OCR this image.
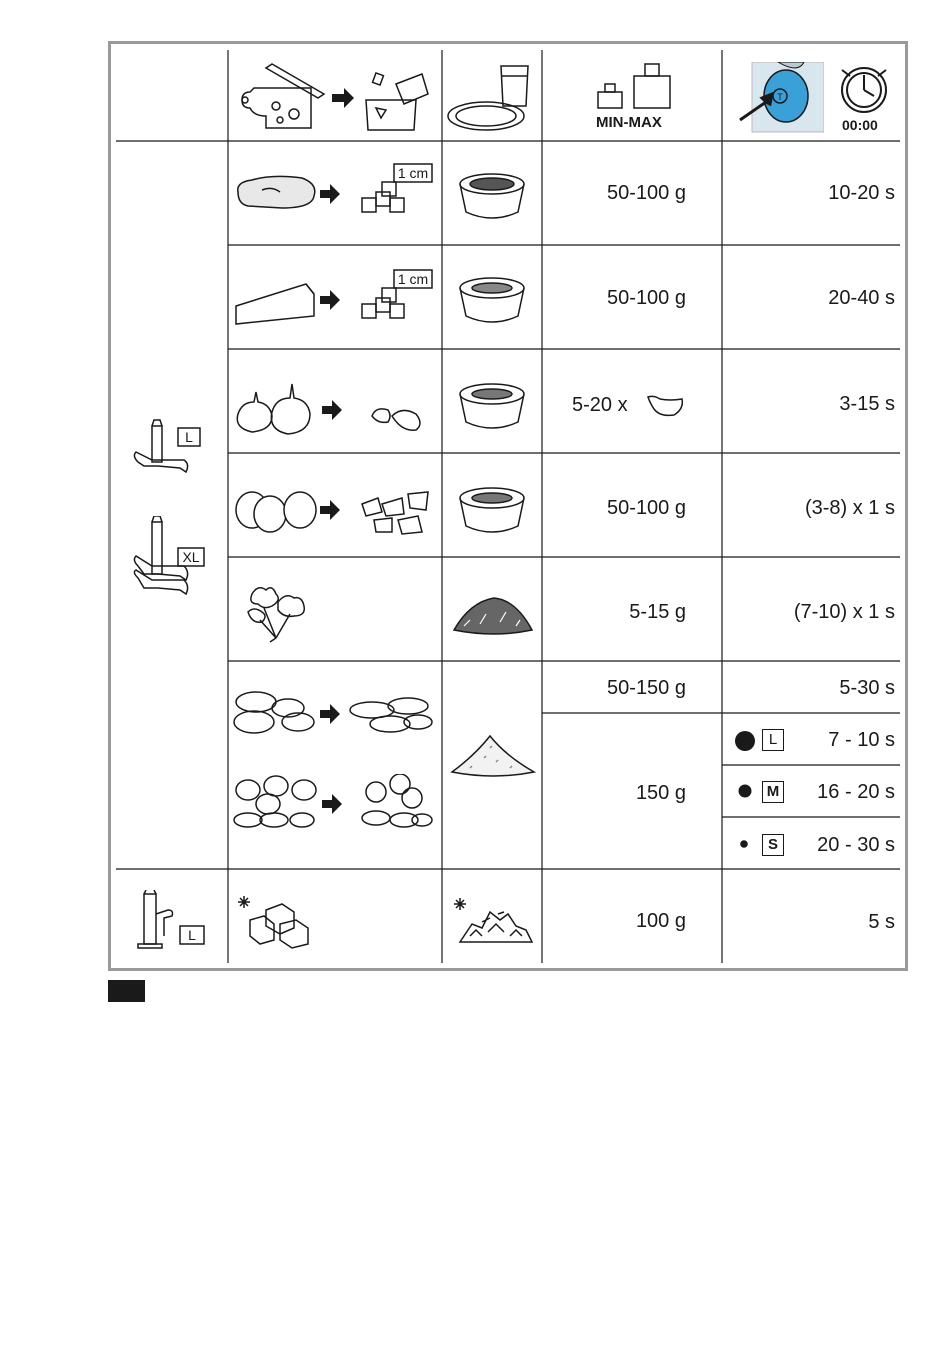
MIN-MAX
T
00:00
L
XL
L
1 cm
50-100 g	10-20 s
1 cm
50-100 g	20-40 s
5-20 x	3-15 s
50-100 g	(3-8) x 1 s
5-15 g	(7-10) x 1 s
50-150 g	5-30 s
150 g
L	7 - 10 s
M	16 - 20 s
S	20 - 30 s
100 g	5 s
